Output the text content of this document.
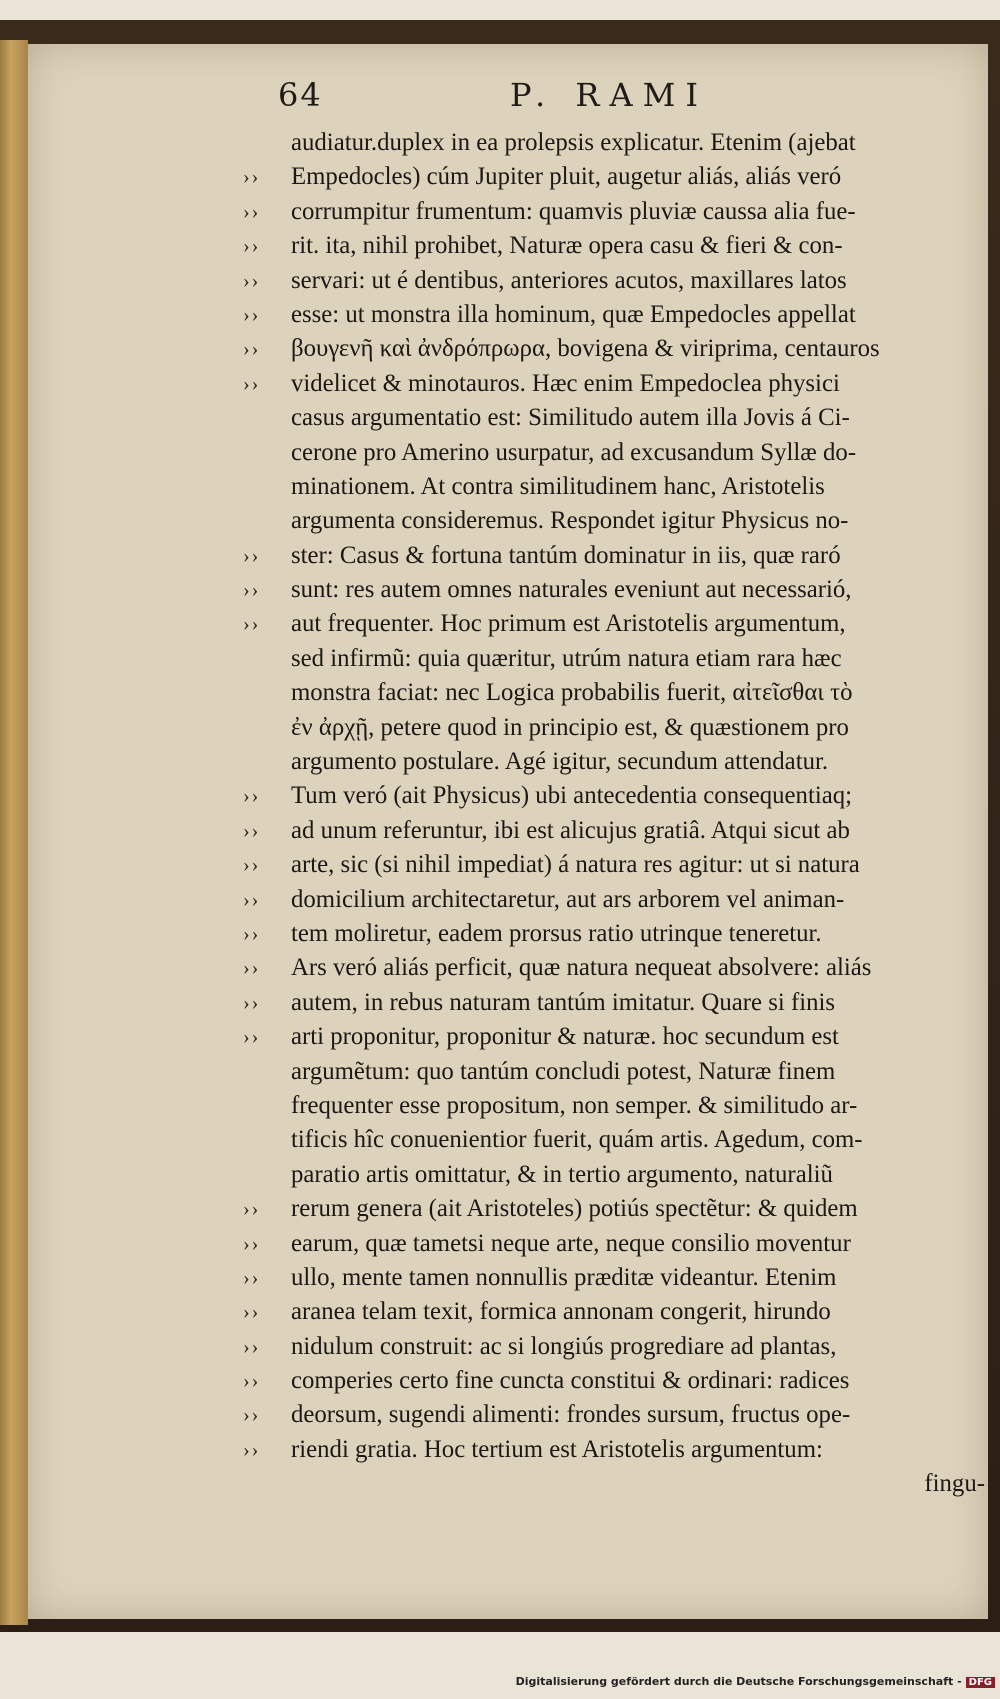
64	P. RAMI
audiatur.duplex in ea prolepsis explicatur. Etenim (ajebat
››	Empedocles) cúm Jupiter pluit, augetur aliás, aliás veró
››	corrumpitur frumentum: quamvis pluviæ caussa alia fue-
››	rit. ita, nihil prohibet, Naturæ opera casu & fieri & con-
››	servari: ut é dentibus, anteriores acutos, maxillares latos
››	esse: ut monstra illa hominum, quæ Empedocles appellat
››	βουγενῆ καὶ ἀνδρόπρωρα, bovigena & viriprima, centauros
››	videlicet & minotauros. Hæc enim Empedoclea physici
casus argumentatio est: Similitudo autem illa Jovis á Ci-
cerone pro Amerino usurpatur, ad excusandum Syllæ do-
minationem. At contra similitudinem hanc, Aristotelis
argumenta consideremus. Respondet igitur Physicus no-
››	ster: Casus & fortuna tantúm dominatur in iis, quæ raró
››	sunt: res autem omnes naturales eveniunt aut necessarió,
››	aut frequenter. Hoc primum est Aristotelis argumentum,
sed infirmũ: quia quæritur, utrúm natura etiam rara hæc
monstra faciat: nec Logica probabilis fuerit, αἰτεῖσθαι τὸ
ἐν ἀρχῇ, petere quod in principio est, & quæstionem pro
argumento postulare. Agé igitur, secundum attendatur.
››	Tum veró (ait Physicus) ubi antecedentia consequentiaq;
››	ad unum referuntur, ibi est alicujus gratiâ. Atqui sicut ab
››	arte, sic (si nihil impediat) á natura res agitur: ut si natura
››	domicilium architectaretur, aut ars arborem vel animan-
››	tem moliretur, eadem prorsus ratio utrinque teneretur.
››	Ars veró aliás perficit, quæ natura nequeat absolvere: aliás
››	autem, in rebus naturam tantúm imitatur. Quare si finis
››	arti proponitur, proponitur & naturæ. hoc secundum est
argumẽtum: quo tantúm concludi potest, Naturæ finem
frequenter esse propositum, non semper. & similitudo ar-
tificis hîc conuenientior fuerit, quám artis. Agedum, com-
paratio artis omittatur, & in tertio argumento, naturaliũ
››	rerum genera (ait Aristoteles) potiús spectẽtur: & quidem
››	earum, quæ tametsi neque arte, neque consilio moventur
››	ullo, mente tamen nonnullis præditæ videantur. Etenim
››	aranea telam texit, formica annonam congerit, hirundo
››	nidulum construit: ac si longiús progrediare ad plantas,
››	comperies certo fine cuncta constitui & ordinari: radices
››	deorsum, sugendi alimenti: frondes sursum, fructus ope-
››	riendi gratia. Hoc tertium est Aristotelis argumentum:
fingu-
Digitalisierung gefördert durch die Deutsche Forschungsgemeinschaft - DFG
